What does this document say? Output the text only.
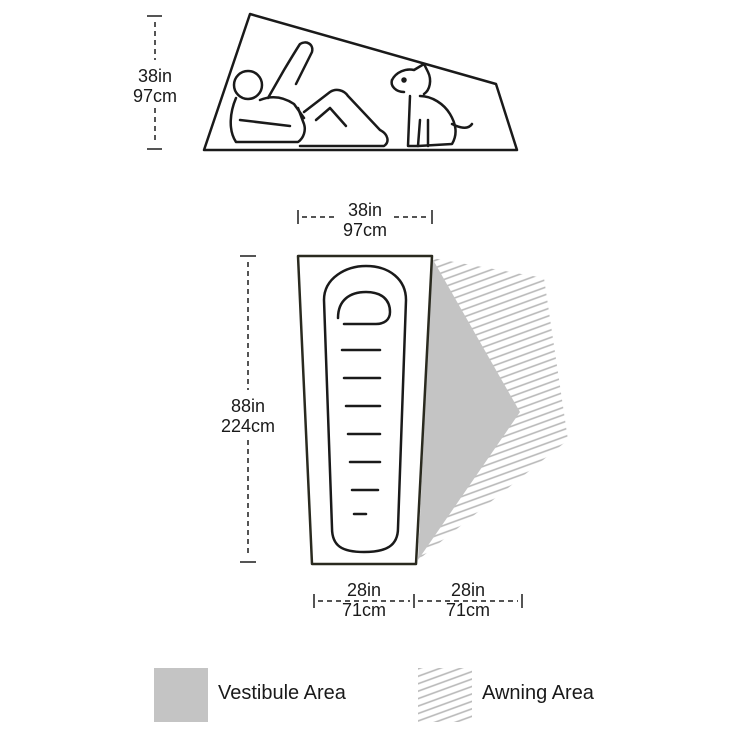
38in
97cm
38in
97cm
88in
224cm
28in
71cm
28in
71cm
Vestibule Area	Awning Area
